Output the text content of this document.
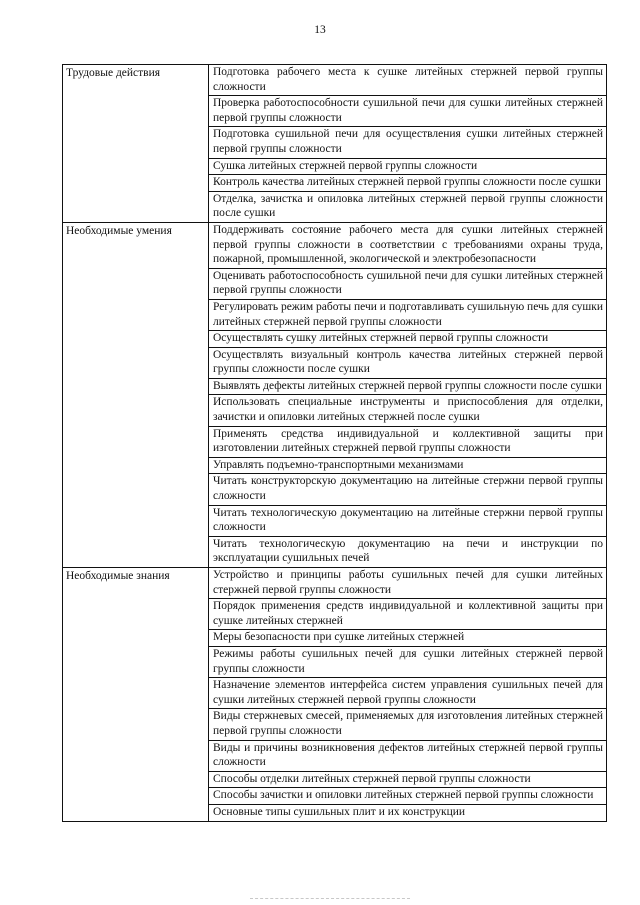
13
Трудовые действия	Подготовка рабочего места к сушке литейных стержней первой группы сложности

	Проверка работоспособности сушильной печи для сушки литейных стержней первой группы сложности

	Подготовка сушильной печи для осуществления сушки литейных стержней первой группы сложности

	Сушка литейных стержней первой группы сложности

	Контроль качества литейных стержней первой группы сложности после сушки

	Отделка, зачистка и опиловка литейных стержней первой группы сложности после сушки

Необходимые умения	Поддерживать состояние рабочего места для сушки литейных стержней первой группы сложности в соответствии с требованиями охраны труда, пожарной, промышленной, экологической и электробезопасности

	Оценивать работоспособность сушильной печи для сушки литейных стержней первой группы сложности

	Регулировать режим работы печи и подготавливать сушильную печь для сушки литейных стержней первой группы сложности

	Осуществлять сушку литейных стержней первой группы сложности

	Осуществлять визуальный контроль качества литейных стержней первой группы сложности после сушки

	Выявлять дефекты литейных стержней первой группы сложности после сушки

	Использовать специальные инструменты и приспособления для отделки, зачистки и опиловки литейных стержней после сушки

	Применять средства индивидуальной и коллективной защиты при изготовлении литейных стержней первой группы сложности

	Управлять подъемно-транспортными механизмами

	Читать конструкторскую документацию на литейные стержни первой группы сложности

	Читать технологическую документацию на литейные стержни первой группы сложности

	Читать технологическую документацию на печи и инструкции по эксплуатации сушильных печей

Необходимые знания	Устройство и принципы работы сушильных печей для сушки литейных стержней первой группы сложности

	Порядок применения средств индивидуальной и коллективной защиты при сушке литейных стержней

	Меры безопасности при сушке литейных стержней

	Режимы работы сушильных печей для сушки литейных стержней первой группы сложности

	Назначение элементов интерфейса систем управления сушильных печей для сушки литейных стержней первой группы сложности

	Виды стержневых смесей, применяемых для изготовления литейных стержней первой группы сложности

	Виды и причины возникновения дефектов литейных стержней первой группы сложности

	Способы отделки литейных стержней первой группы сложности

	Способы зачистки и опиловки литейных стержней первой группы сложности

	Основные типы сушильных плит и их конструкции
